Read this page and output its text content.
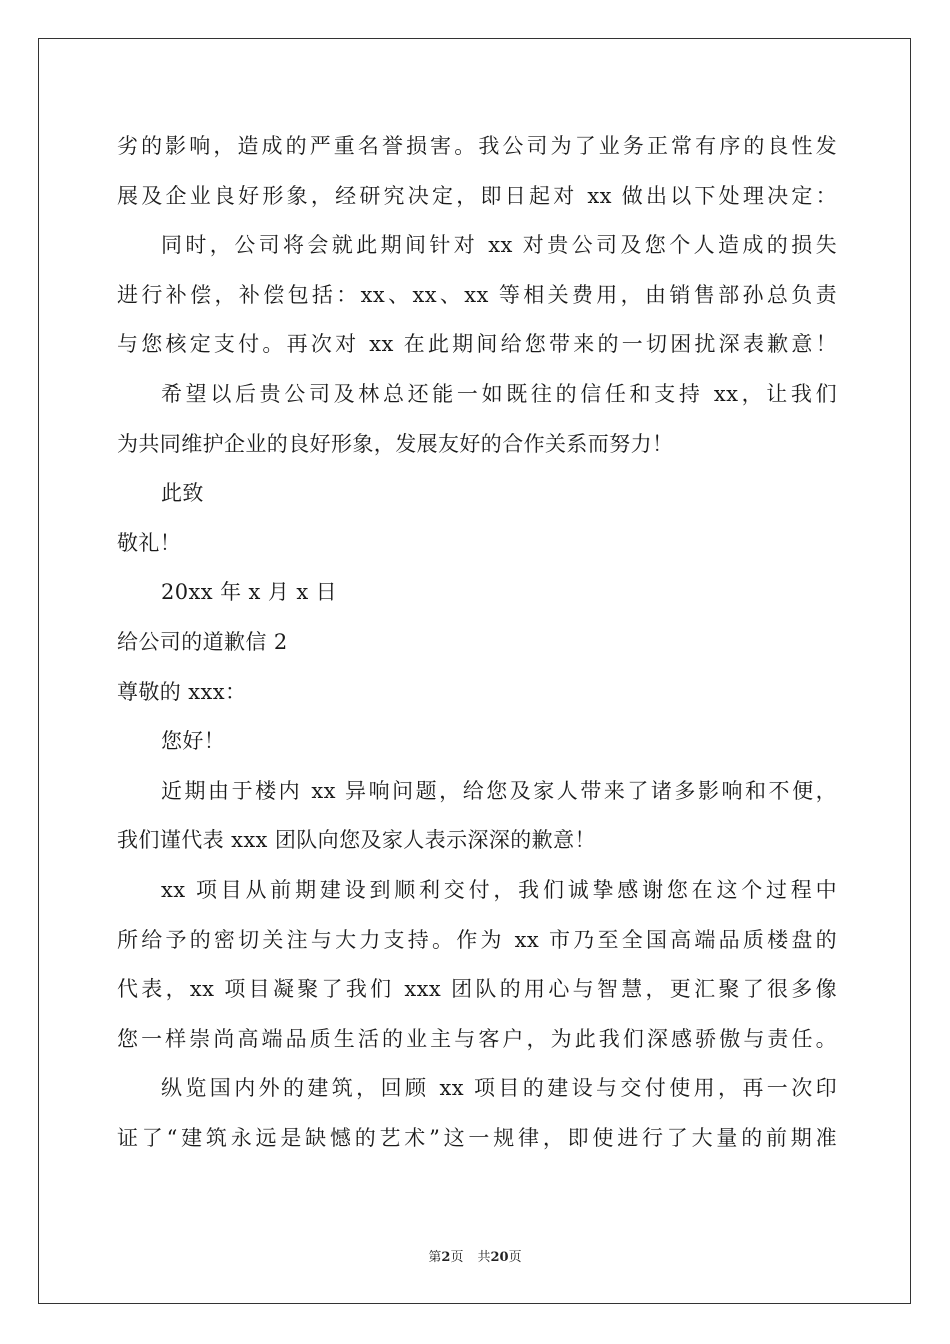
劣的影响，造成的严重名誉损害。我公司为了业务正常有序的良性发
展及企业良好形象，经研究决定，即日起对 xx 做出以下处理决定：
同时，公司将会就此期间针对 xx 对贵公司及您个人造成的损失
进行补偿，补偿包括：xx、xx、xx 等相关费用，由销售部孙总负责
与您核定支付。再次对 xx 在此期间给您带来的一切困扰深表歉意！
希望以后贵公司及林总还能一如既往的信任和支持 xx，让我们
为共同维护企业的良好形象，发展友好的合作关系而努力！
此致
敬礼！
20xx 年 x 月 x 日
给公司的道歉信 2
尊敬的 xxx：
您好！
近期由于楼内 xx 异响问题，给您及家人带来了诸多影响和不便，
我们谨代表 xxx 团队向您及家人表示深深的歉意！
xx 项目从前期建设到顺利交付，我们诚挚感谢您在这个过程中
所给予的密切关注与大力支持。作为 xx 市乃至全国高端品质楼盘的
代表，xx 项目凝聚了我们 xxx 团队的用心与智慧，更汇聚了很多像
您一样崇尚高端品质生活的业主与客户，为此我们深感骄傲与责任。
纵览国内外的建筑，回顾 xx 项目的建设与交付使用，再一次印
证了“建筑永远是缺憾的艺术”这一规律，即使进行了大量的前期准
第2页 共20页
